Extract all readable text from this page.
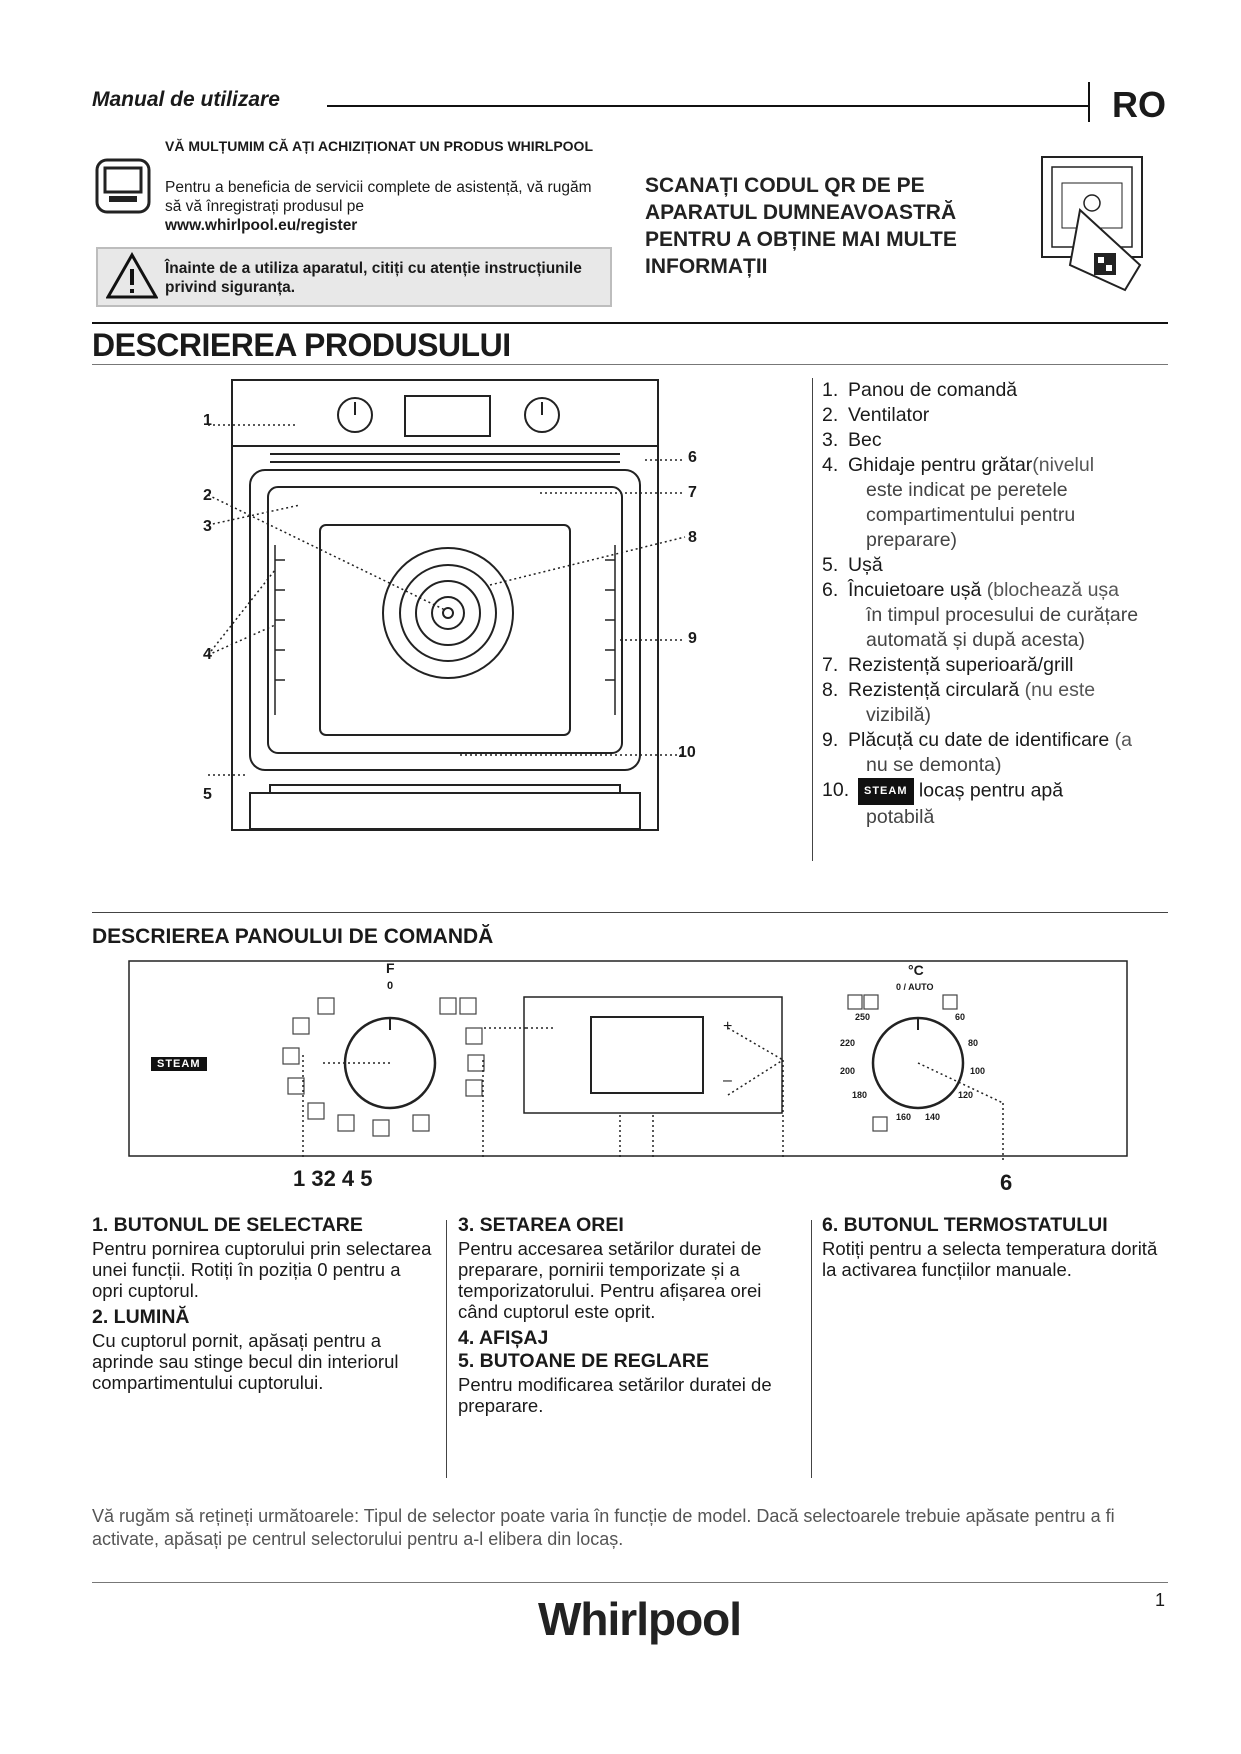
Manual de utilizare	RO
VĂ MULȚUMIM CĂ AȚI ACHIZIȚIONAT UN PRODUS WHIRLPOOL
Pentru a beneficia de servicii complete de asistență, vă rugăm să vă înregistrați produsul pe
www.whirlpool.eu/register
Înainte de a utiliza aparatul, citiți cu atenție instrucțiunile privind siguranța.
SCANAȚI CODUL QR DE PE APARATUL DUMNEAVOASTRĂ PENTRU A OBȚINE MAI MULTE INFORMAȚII
DESCRIEREA PRODUSULUI
1
2
3
4
5
6
7
8
9
10
1. Panou de comandă
2. Ventilator
3. Bec
4. Ghidaje pentru grătar(nivelul
este indicat pe peretele compartimentului pentru preparare)
5. Ușă
6. Încuietoare ușă (blochează ușa
în timpul procesului de curățare automată și după acesta)
7. Rezistență superioară/grill
8. Rezistență circulară (nu este
vizibilă)
9. Plăcuță cu date de identificare (a
nu se demonta)
10.	STEAM locaș pentru apă
potabilă
DESCRIEREA PANOULUI DE COMANDĂ
STEAM
F
0
°C
0 / AUTO
250	60
220	80
200	100
180	120
160 140
+
–
1 32 4 5	6
1. BUTONUL DE SELECTARE

Pentru pornirea cuptorului prin selectarea unei funcții. Rotiți în poziția 0 pentru a opri cuptorul.

2. LUMINĂ

Cu cuptorul pornit, apăsați pentru a aprinde sau stinge becul din interiorul compartimentului cuptorului.

3. SETAREA OREI

Pentru accesarea setărilor duratei de preparare, pornirii temporizate și a temporizatorului. Pentru afișarea orei când cuptorul este oprit.

4. AFIȘAJ
5. BUTOANE DE REGLARE

Pentru modificarea setărilor duratei de preparare.

6. BUTONUL TERMOSTATULUI

Rotiți pentru a selecta temperatura dorită la activarea funcțiilor manuale.

Vă rugăm să rețineți următoarele: Tipul de selector poate varia în funcție de model. Dacă selectoarele trebuie apăsate pentru a fi activate, apăsați pe centrul selectorului pentru a-l elibera din locaș.
1
Whirlpool
